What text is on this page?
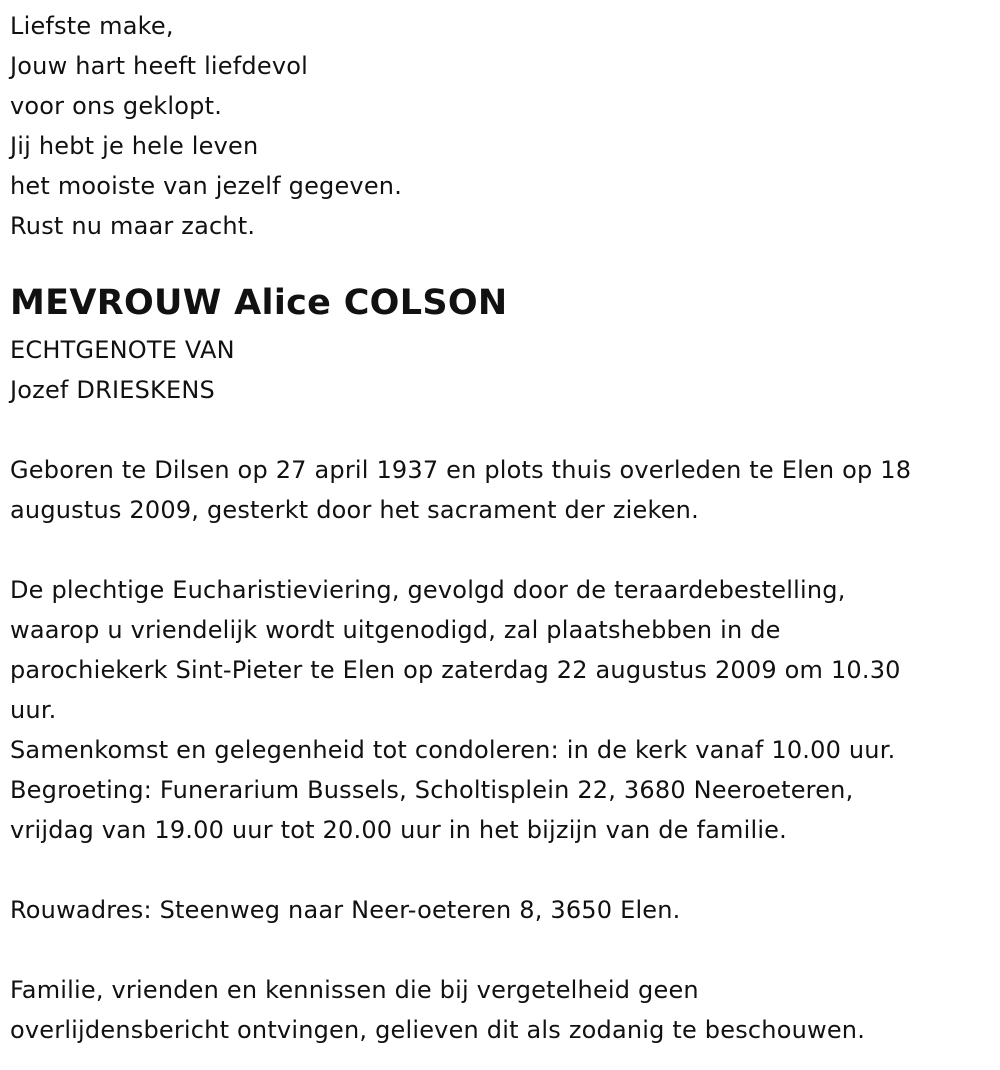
Liefste make,
Jouw hart heeft liefdevol
voor ons geklopt.
Jij hebt je hele leven
het mooiste van jezelf gegeven.
Rust nu maar zacht.
MEVROUW Alice COLSON
ECHTGENOTE VAN
Jozef DRIESKENS
Geboren te Dilsen op 27 april 1937 en plots thuis overleden te Elen op 18
augustus 2009, gesterkt door het sacrament der zieken.
De plechtige Eucharistieviering, gevolgd door de teraardebestelling,
waarop u vriendelijk wordt uitgenodigd, zal plaatshebben in de
parochiekerk Sint-Pieter te Elen op zaterdag 22 augustus 2009 om 10.30
uur.
Samenkomst en gelegenheid tot condoleren: in de kerk vanaf 10.00 uur.
Begroeting: Funerarium Bussels, Scholtisplein 22, 3680 Neeroeteren,
vrijdag van 19.00 uur tot 20.00 uur in het bijzijn van de familie.
Rouwadres: Steenweg naar Neer-oeteren 8, 3650 Elen.
Familie, vrienden en kennissen die bij vergetelheid geen
overlijdensbericht ontvingen, gelieven dit als zodanig te beschouwen.
